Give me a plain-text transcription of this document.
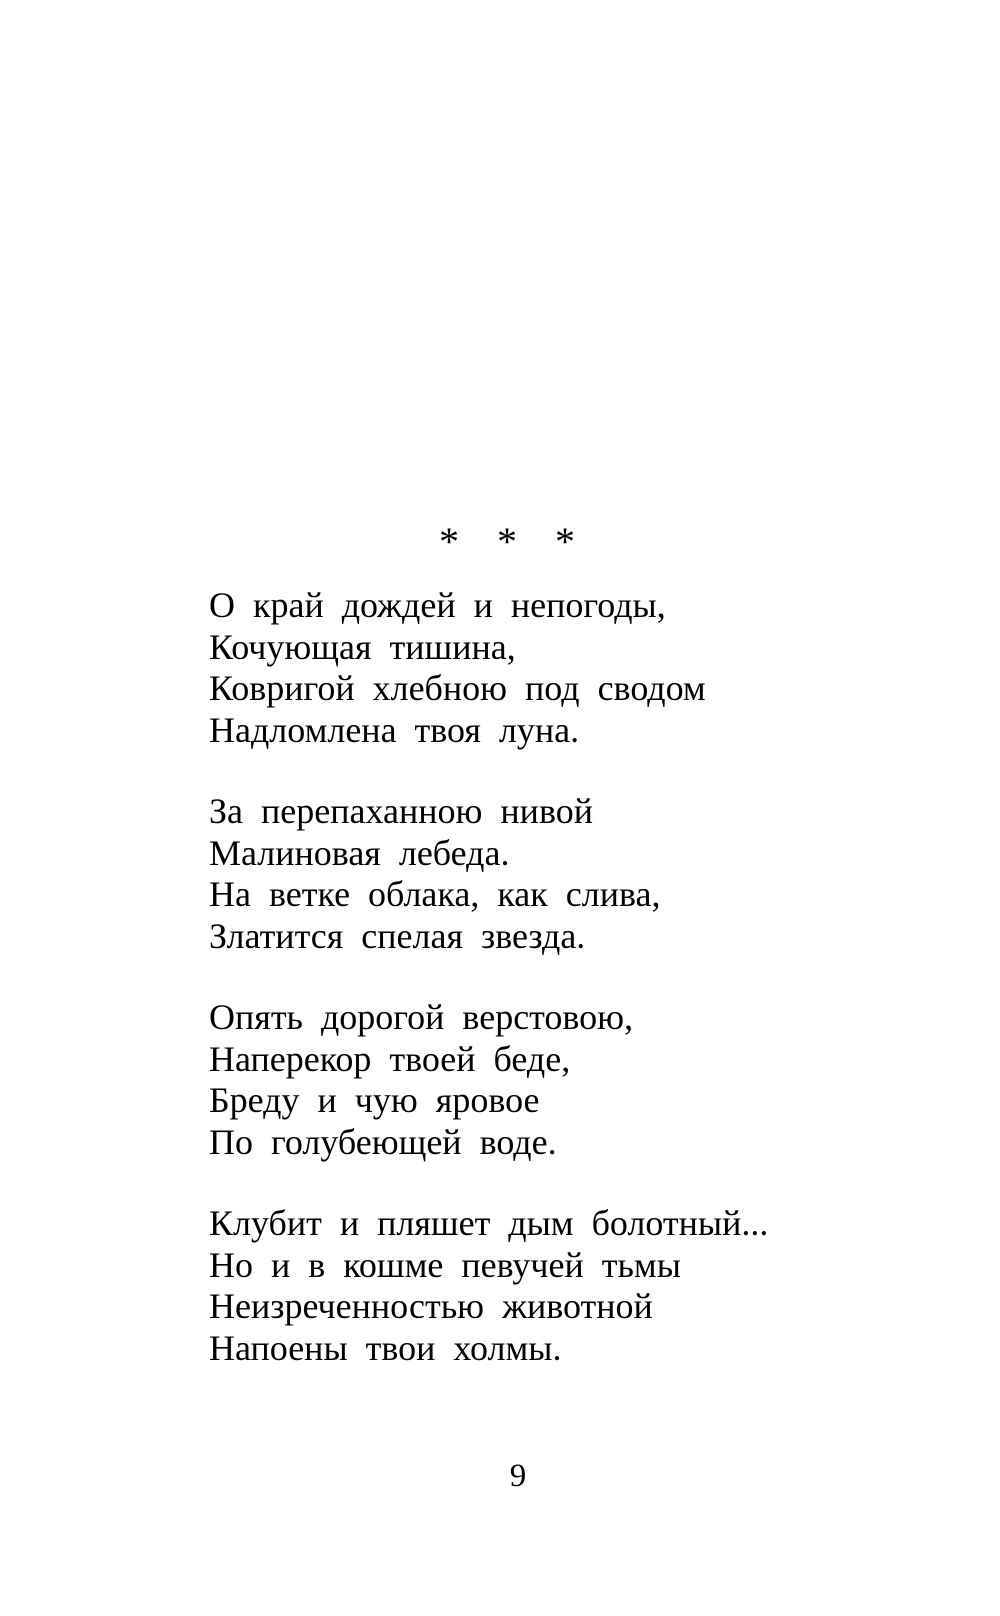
* * *
О край дождей и непогоды,
Кочующая тишина,
Ковригой хлебною под сводом
Надломлена твоя луна.
За перепаханною нивой
Малиновая лебеда.
На ветке облака, как слива,
Златится спелая звезда.
Опять дорогой верстовою,
Наперекор твоей беде,
Бреду и чую яровое
По голубеющей воде.
Клубит и пляшет дым болотный...
Но и в кошме певучей тьмы
Неизреченностью животной
Напоены твои холмы.
9
